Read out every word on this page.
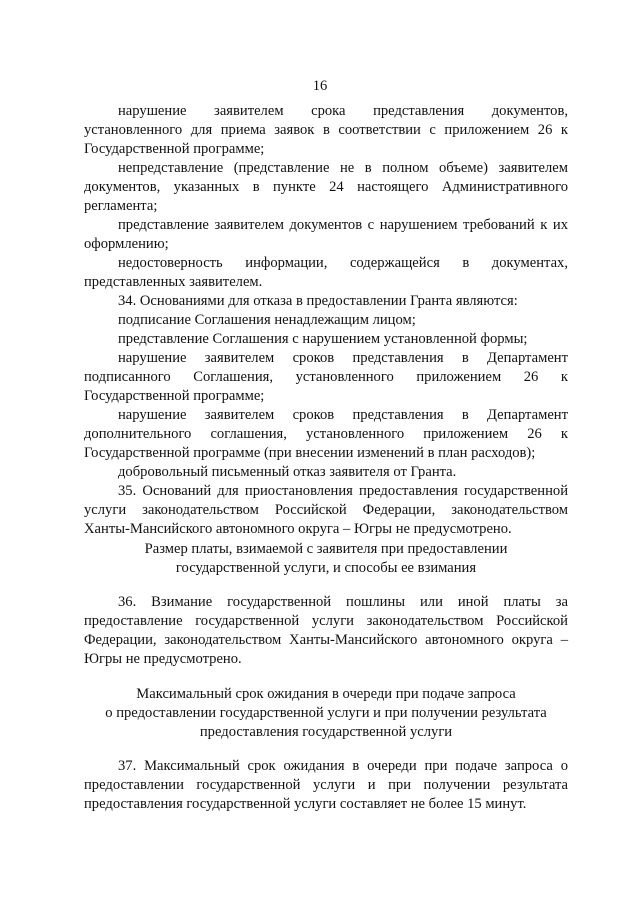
16

нарушение заявителем срока представления документов, установленного для приема заявок в соответствии с приложением 26 к Государственной программе;

непредставление (представление не в полном объеме) заявителем документов, указанных в пункте 24 настоящего Административного регламента;

представление заявителем документов с нарушением требований к их оформлению;

недостоверность информации, содержащейся в документах, представленных заявителем.

34. Основаниями для отказа в предоставлении Гранта являются:

подписание Соглашения ненадлежащим лицом;

представление Соглашения с нарушением установленной формы;

нарушение заявителем сроков представления в Департамент подписанного Соглашения, установленного приложением 26 к Государственной программе;

нарушение заявителем сроков представления в Департамент дополнительного соглашения, установленного приложением 26 к Государственной программе (при внесении изменений в план расходов);

добровольный письменный отказ заявителя от Гранта.

35. Оснований для приостановления предоставления государственной услуги законодательством Российской Федерации, законодательством Ханты-Мансийского автономного округа – Югры не предусмотрено.

Размер платы, взимаемой с заявителя при предоставлении
государственной услуги, и способы ее взимания

36. Взимание государственной пошлины или иной платы за предоставление государственной услуги законодательством Российской Федерации, законодательством Ханты-Мансийского автономного округа – Югры не предусмотрено.

Максимальный срок ожидания в очереди при подаче запроса
о предоставлении государственной услуги и при получении результата
предоставления государственной услуги

37. Максимальный срок ожидания в очереди при подаче запроса о предоставлении государственной услуги и при получении результата предоставления государственной услуги составляет не более 15 минут.
